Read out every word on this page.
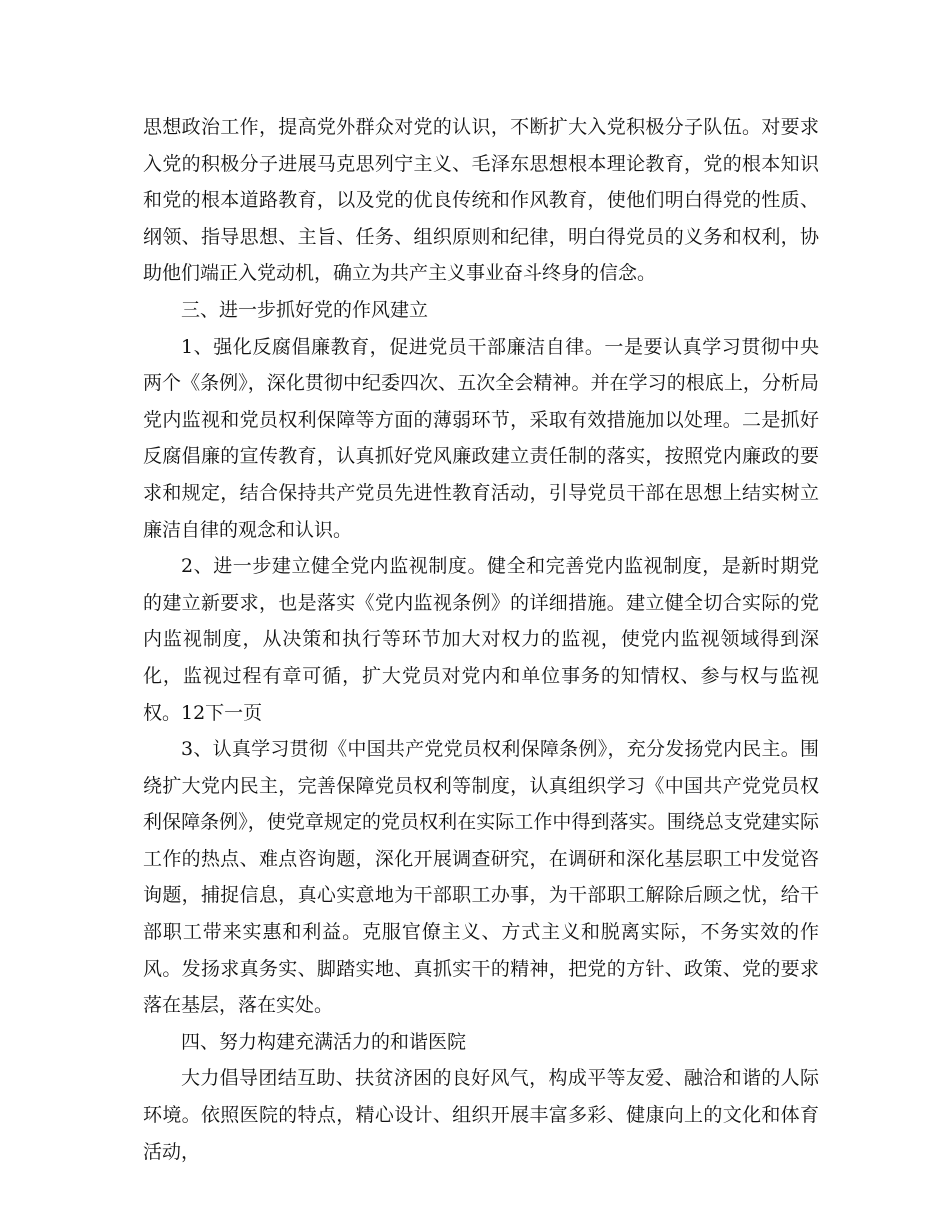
思想政治工作，提高党外群众对党的认识，不断扩大入党积极分子队伍。对要求入党的积极分子进展马克思列宁主义、毛泽东思想根本理论教育，党的根本知识和党的根本道路教育，以及党的优良传统和作风教育，使他们明白得党的性质、纲领、指导思想、主旨、任务、组织原则和纪律，明白得党员的义务和权利，协助他们端正入党动机，确立为共产主义事业奋斗终身的信念。

三、进一步抓好党的作风建立

1、强化反腐倡廉教育，促进党员干部廉洁自律。一是要认真学习贯彻中央两个《条例》，深化贯彻中纪委四次、五次全会精神。并在学习的根底上，分析局党内监视和党员权利保障等方面的薄弱环节，采取有效措施加以处理。二是抓好反腐倡廉的宣传教育，认真抓好党风廉政建立责任制的落实，按照党内廉政的要求和规定，结合保持共产党员先进性教育活动，引导党员干部在思想上结实树立廉洁自律的观念和认识。

2、进一步建立健全党内监视制度。健全和完善党内监视制度，是新时期党的建立新要求，也是落实《党内监视条例》的详细措施。建立健全切合实际的党内监视制度，从决策和执行等环节加大对权力的监视，使党内监视领域得到深化，监视过程有章可循，扩大党员对党内和单位事务的知情权、参与权与监视权。12下一页

3、认真学习贯彻《中国共产党党员权利保障条例》，充分发扬党内民主。围绕扩大党内民主，完善保障党员权利等制度，认真组织学习《中国共产党党员权利保障条例》，使党章规定的党员权利在实际工作中得到落实。围绕总支党建实际工作的热点、难点咨询题，深化开展调查研究，在调研和深化基层职工中发觉咨询题，捕捉信息，真心实意地为干部职工办事，为干部职工解除后顾之忧，给干部职工带来实惠和利益。克服官僚主义、方式主义和脱离实际，不务实效的作风。发扬求真务实、脚踏实地、真抓实干的精神，把党的方针、政策、党的要求落在基层，落在实处。

四、努力构建充满活力的和谐医院

大力倡导团结互助、扶贫济困的良好风气，构成平等友爱、融洽和谐的人际环境。依照医院的特点，精心设计、组织开展丰富多彩、健康向上的文化和体育活动，
